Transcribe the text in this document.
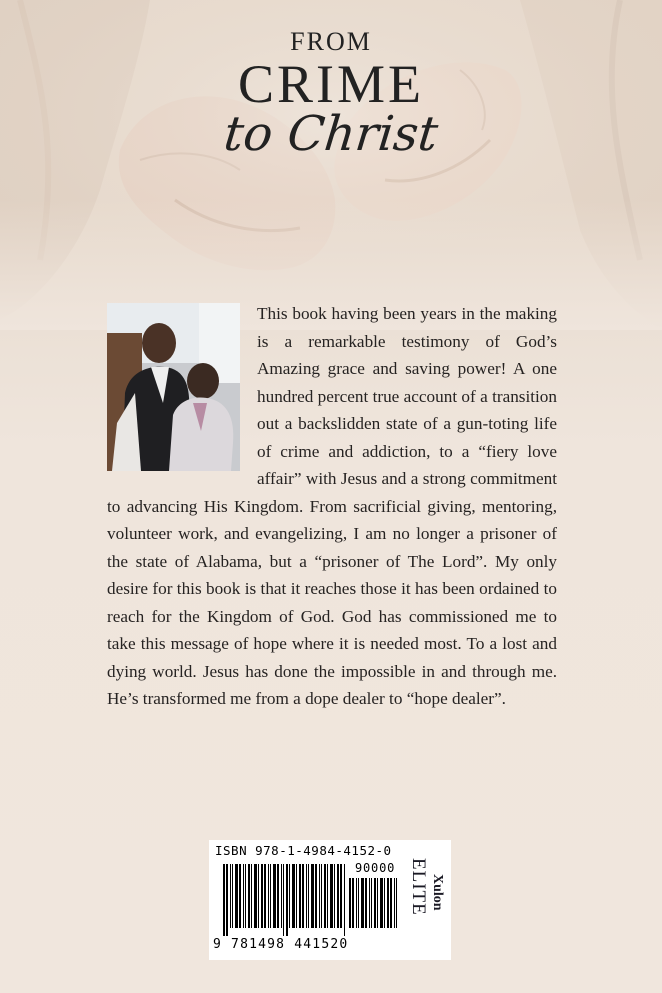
FROM
CRIME
to Christ
This book having been years in the making is a remarkable testimony of God’s Amazing grace and saving power! A one hundred percent true account of a transition out a backslidden state of a gun-toting life of crime and addiction, to a “fiery love affair” with Jesus and a strong commitment to advancing His Kingdom. From sacrificial giving, mentoring, volunteer work, and evangelizing, I am no longer a prisoner of the state of Alabama, but a “prisoner of The Lord”. My only desire for this book is that it reaches those it has been ordained to reach for the Kingdom of God. God has commissioned me to take this message of hope where it is needed most. To a lost and dying world. Jesus has done the impossible in and through me. He’s transformed me from a dope dealer to “hope dealer”.
ISBN 978-1-4984-4152-0
90000
9 781498 441520
Xulon
ELITE
